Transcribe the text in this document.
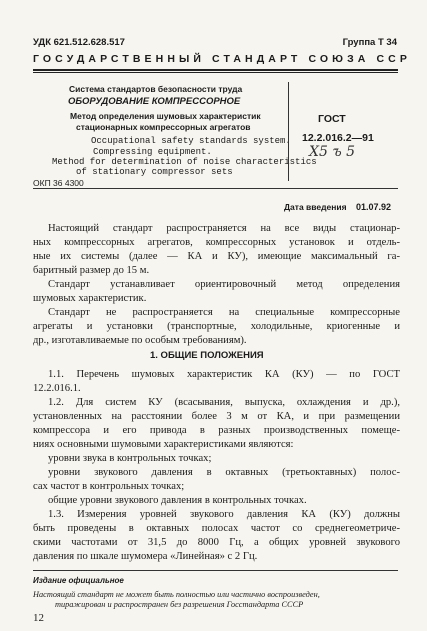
УДК 621.512.628.517	Группа Т 34
ГОСУДАРСТВЕННЫЙ СТАНДАРТ СОЮЗА ССР
Система стандартов безопасности труда
ОБОРУДОВАНИЕ КОМПРЕССОРНОЕ
Метод определения шумовых характеристик
стационарных компрессорных агрегатов
Occupational safety standards system.
Compressing equipment.
Method for determination of noise characteristics
of stationary compressor sets
ОКП 36 4300
ГОСТ
12.2.016.2—91
Х5 ъ 5
Дата введения 01.07.92
Настоящий стандарт распространяется на все виды стационар-
ных компрессорных агрегатов, компрессорных установок и отдель-
ные их системы (далее — КА и КУ), имеющие максимальный га-
баритный размер до 15 м.
Стандарт устанавливает ориентировочный метод определения
шумовых характеристик.
Стандарт не распространяется на специальные компрессорные
агрегаты и установки (транспортные, холодильные, криогенные и
др., изготавливаемые по особым требованиям).
1. ОБЩИЕ ПОЛОЖЕНИЯ
1.1. Перечень шумовых характеристик КА (КУ) — по ГОСТ
12.2.016.1.
1.2. Для систем КУ (всасывания, выпуска, охлаждения и др.),
установленных на расстоянии более 3 м от КА, и при размещении
компрессора и его привода в разных производственных помеще-
ниях основными шумовыми характеристиками являются:
уровни звука в контрольных точках;
уровни звукового давления в октавных (третьоктавных) полос-
сах частот в контрольных точках;
общие уровни звукового давления в контрольных точках.
1.3. Измерения уровней звукового давления КА (КУ) должны
быть проведены в октавных полосах частот со среднегеометриче-
скими частотами от 31,5 до 8000 Гц, а общих уровней звукового
давления по шкале шумомера «Линейная» с 2 Гц.
Издание официальное
Настоящий стандарт не может быть полностью или частично воспроизведен,
тиражирован и распространен без разрешения Госстандарта СССР
12
